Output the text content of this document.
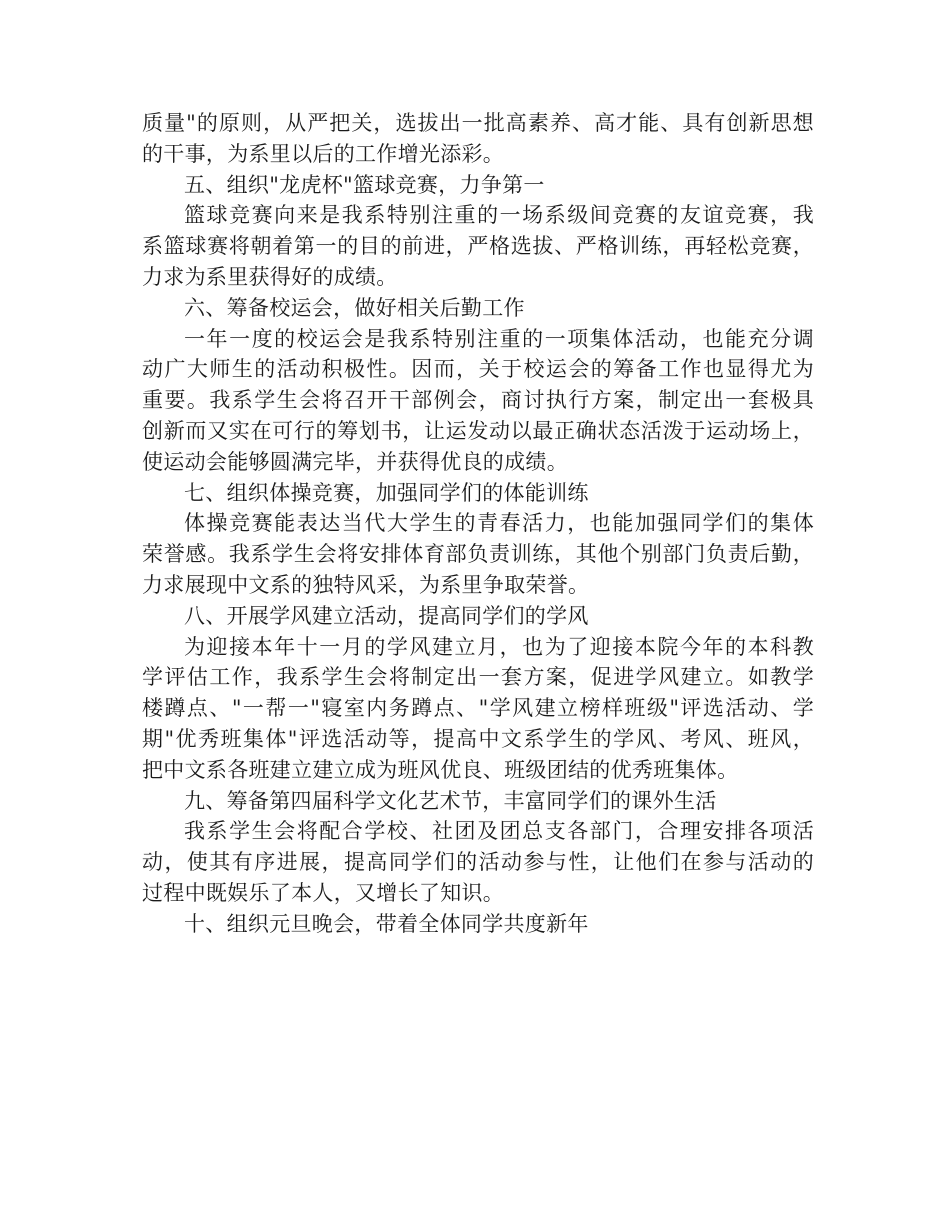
质量"的原则，从严把关，选拔出一批高素养、高才能、具有创新思想
的干事，为系里以后的工作增光添彩。
五、组织"龙虎杯"篮球竞赛，力争第一
篮球竞赛向来是我系特别注重的一场系级间竞赛的友谊竞赛，我
系篮球赛将朝着第一的目的前进，严格选拔、严格训练，再轻松竞赛，
力求为系里获得好的成绩。
六、筹备校运会，做好相关后勤工作
一年一度的校运会是我系特别注重的一项集体活动，也能充分调
动广大师生的活动积极性。因而，关于校运会的筹备工作也显得尤为
重要。我系学生会将召开干部例会，商讨执行方案，制定出一套极具
创新而又实在可行的筹划书，让运发动以最正确状态活泼于运动场上，
使运动会能够圆满完毕，并获得优良的成绩。
七、组织体操竞赛，加强同学们的体能训练
体操竞赛能表达当代大学生的青春活力，也能加强同学们的集体
荣誉感。我系学生会将安排体育部负责训练，其他个别部门负责后勤，
力求展现中文系的独特风采，为系里争取荣誉。
八、开展学风建立活动，提高同学们的学风
为迎接本年十一月的学风建立月，也为了迎接本院今年的本科教
学评估工作，我系学生会将制定出一套方案，促进学风建立。如教学
楼蹲点、"一帮一"寝室内务蹲点、"学风建立榜样班级"评选活动、学
期"优秀班集体"评选活动等，提高中文系学生的学风、考风、班风，
把中文系各班建立建立成为班风优良、班级团结的优秀班集体。
九、筹备第四届科学文化艺术节，丰富同学们的课外生活
我系学生会将配合学校、社团及团总支各部门，合理安排各项活
动，使其有序进展，提高同学们的活动参与性，让他们在参与活动的
过程中既娱乐了本人，又增长了知识。
十、组织元旦晚会，带着全体同学共度新年
